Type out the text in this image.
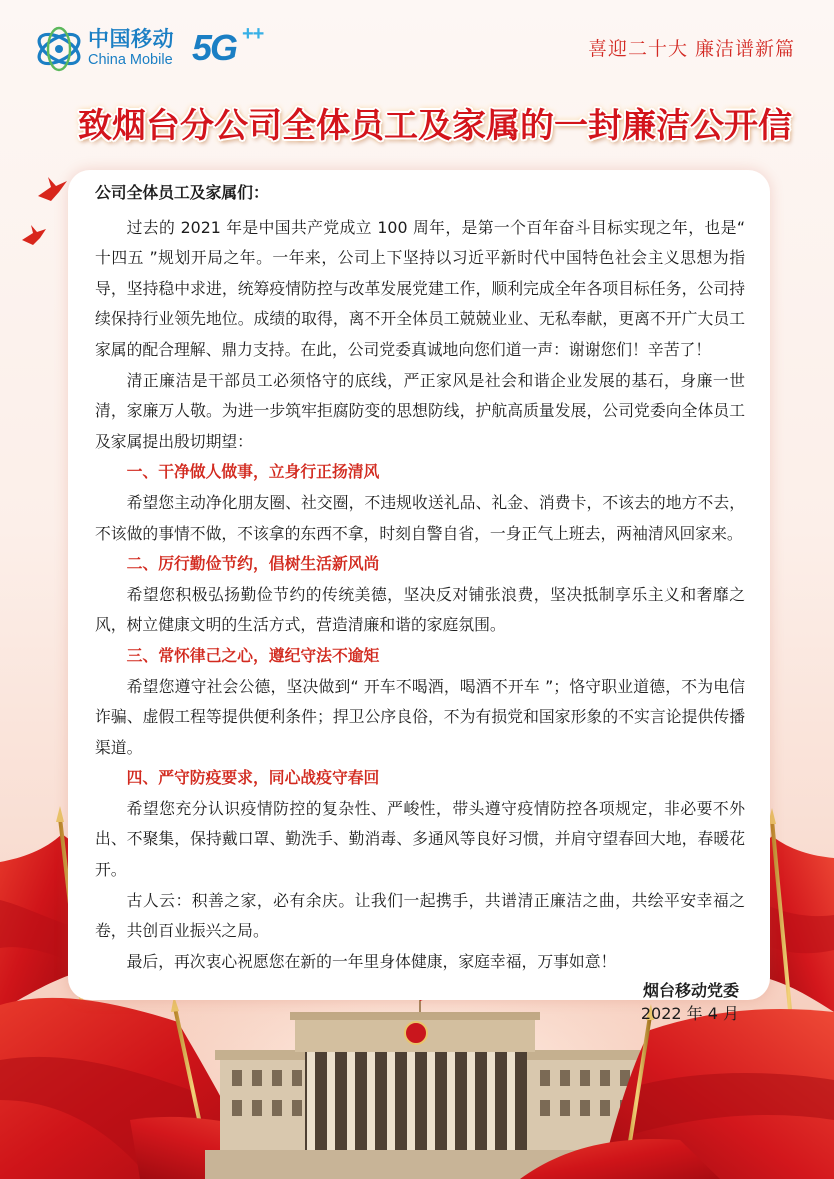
中国移动
China Mobile 5G ++
喜迎二十大 廉洁谱新篇
致烟台分公司全体员工及家属的一封廉洁公开信

公司全体员工及家属们：

过去的 2021 年是中国共产党成立 100 周年，是第一个百年奋斗目标实现之年，也是“ 十四五 ”规划开局之年。一年来，公司上下坚持以习近平新时代中国特色社会主义思想为指导，坚持稳中求进，统筹疫情防控与改革发展党建工作，顺利完成全年各项目标任务，公司持续保持行业领先地位。成绩的取得，离不开全体员工兢兢业业、无私奉献，更离不开广大员工家属的配合理解、鼎力支持。在此，公司党委真诚地向您们道一声：谢谢您们！辛苦了！

清正廉洁是干部员工必须恪守的底线，严正家风是社会和谐企业发展的基石，身廉一世清，家廉万人敬。为进一步筑牢拒腐防变的思想防线，护航高质量发展，公司党委向全体员工及家属提出殷切期望：

一、干净做人做事，立身行正扬清风

希望您主动净化朋友圈、社交圈，不违规收送礼品、礼金、消费卡，不该去的地方不去，不该做的事情不做，不该拿的东西不拿，时刻自警自省，一身正气上班去，两袖清风回家来。

二、厉行勤俭节约，倡树生活新风尚

希望您积极弘扬勤俭节约的传统美德，坚决反对铺张浪费，坚决抵制享乐主义和奢靡之风，树立健康文明的生活方式，营造清廉和谐的家庭氛围。

三、常怀律己之心，遵纪守法不逾矩

希望您遵守社会公德，坚决做到“ 开车不喝酒，喝酒不开车 ”；恪守职业道德，不为电信诈骗、虚假工程等提供便利条件；捍卫公序良俗，不为有损党和国家形象的不实言论提供传播渠道。

四、严守防疫要求，同心战疫守春回

希望您充分认识疫情防控的复杂性、严峻性，带头遵守疫情防控各项规定，非必要不外出、不聚集，保持戴口罩、勤洗手、勤消毒、多通风等良好习惯，并肩守望春回大地，春暖花开。

古人云：积善之家，必有余庆。让我们一起携手，共谱清正廉洁之曲，共绘平安幸福之卷，共创百业振兴之局。

最后，再次衷心祝愿您在新的一年里身体健康，家庭幸福，万事如意！

烟台移动党委
2022 年 4 月
